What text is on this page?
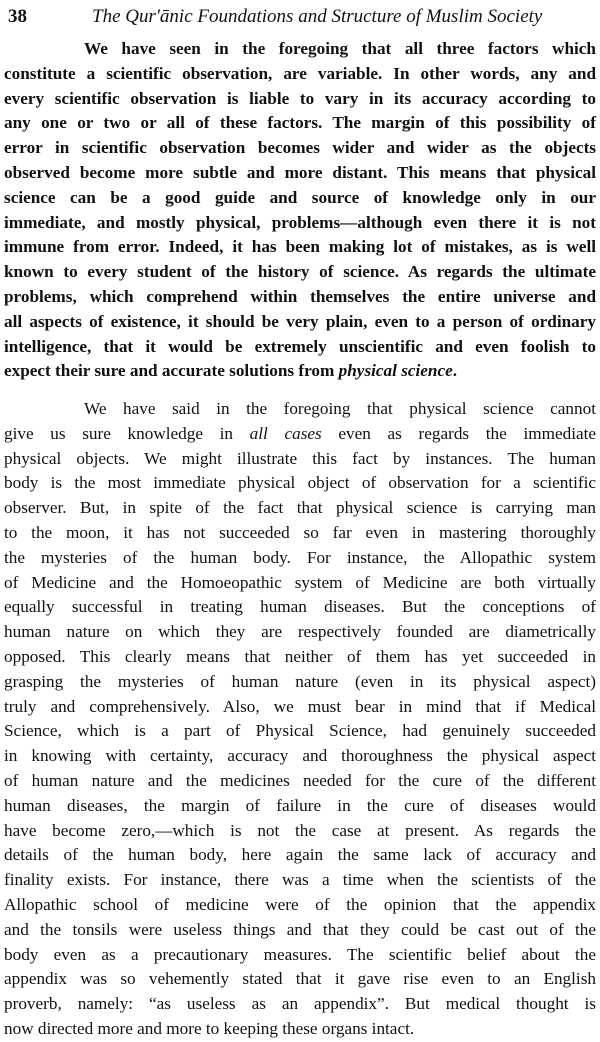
38	The Qur'ānic Foundations and Structure of Muslim Society
We have seen in the foregoing that all three factors which
constitute a scientific observation, are variable. In other words, any and
every scientific observation is liable to vary in its accuracy according to
any one or two or all of these factors. The margin of this possibility of
error in scientific observation becomes wider and wider as the objects
observed become more subtle and more distant. This means that physical
science can be a good guide and source of knowledge only in our
immediate, and mostly physical, problems—although even there it is not
immune from error. Indeed, it has been making lot of mistakes, as is well
known to every student of the history of science. As regards the ultimate
problems, which comprehend within themselves the entire universe and
all aspects of existence, it should be very plain, even to a person of ordinary
intelligence, that it would be extremely unscientific and even foolish to
expect their sure and accurate solutions from physical science.
We have said in the foregoing that physical science cannot
give us sure knowledge in all cases even as regards the immediate
physical objects. We might illustrate this fact by instances. The human
body is the most immediate physical object of observation for a scientific
observer. But, in spite of the fact that physical science is carrying man
to the moon, it has not succeeded so far even in mastering thoroughly
the mysteries of the human body. For instance, the Allopathic system
of Medicine and the Homoeopathic system of Medicine are both virtually
equally successful in treating human diseases. But the conceptions of
human nature on which they are respectively founded are diametrically
opposed. This clearly means that neither of them has yet succeeded in
grasping the mysteries of human nature (even in its physical aspect)
truly and comprehensively. Also, we must bear in mind that if Medical
Science, which is a part of Physical Science, had genuinely succeeded
in knowing with certainty, accuracy and thoroughness the physical aspect
of human nature and the medicines needed for the cure of the different
human diseases, the margin of failure in the cure of diseases would
have become zero,—which is not the case at present. As regards the
details of the human body, here again the same lack of accuracy and
finality exists. For instance, there was a time when the scientists of the
Allopathic school of medicine were of the opinion that the appendix
and the tonsils were useless things and that they could be cast out of the
body even as a precautionary measures. The scientific belief about the
appendix was so vehemently stated that it gave rise even to an English
proverb, namely: “as useless as an appendix”. But medical thought is
now directed more and more to keeping these organs intact.
